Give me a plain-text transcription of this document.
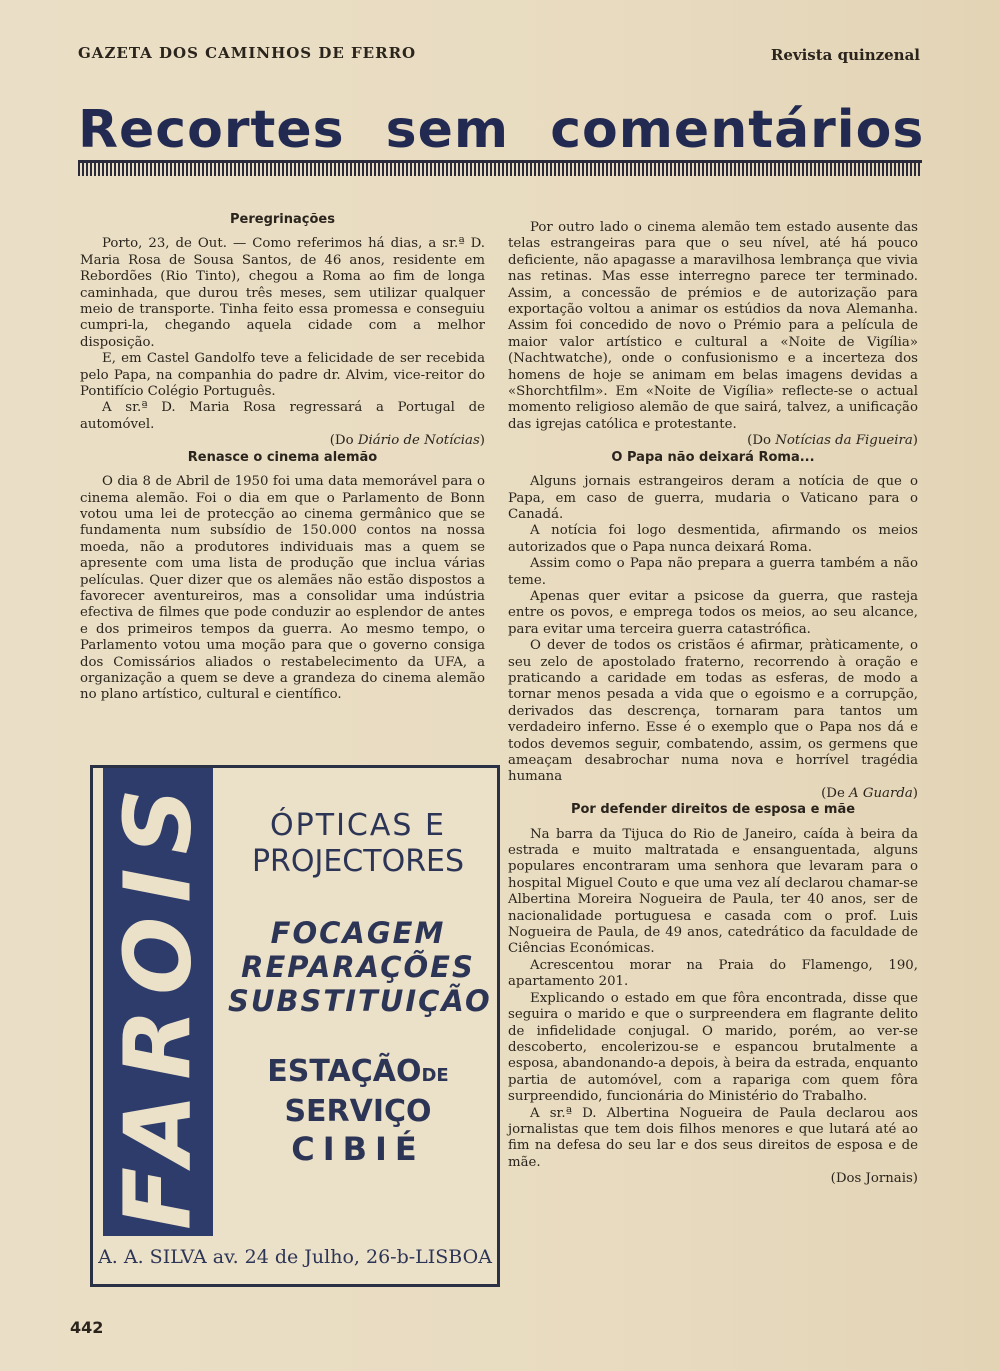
GAZETA DOS CAMINHOS DE FERRO	Revista quinzenal
Recortes sem comentários
Peregrinações

Porto, 23, de Out. — Como referimos há dias, a sr.ª D. Maria Rosa de Sousa Santos, de 46 anos, residente em Rebordões (Rio Tinto), chegou a Roma ao fim de longa caminhada, que durou três meses, sem utilizar qualquer meio de transporte. Tinha feito essa promessa e conseguiu cumpri-la, chegando aquela cidade com a melhor disposição.

E, em Castel Gandolfo teve a felicidade de ser recebida pelo Papa, na companhia do padre dr. Alvim, vice-reitor do Pontifício Colégio Português.

A sr.ª D. Maria Rosa regressará a Portugal de automóvel.

(Do Diário de Notícias)

Renasce o cinema alemão

O dia 8 de Abril de 1950 foi uma data memorável para o cinema alemão. Foi o dia em que o Parlamento de Bonn votou uma lei de protecção ao cinema germânico que se fundamenta num subsídio de 150.000 contos na nossa moeda, não a produtores individuais mas a quem se apresente com uma lista de produção que inclua várias películas. Quer dizer que os alemães não estão dispostos a favorecer aventureiros, mas a consolidar uma indústria efectiva de filmes que pode conduzir ao esplendor de antes e dos primeiros tempos da guerra. Ao mesmo tempo, o Parlamento votou uma moção para que o governo consiga dos Comissários aliados o restabelecimento da UFA, a organização a quem se deve a grandeza do cinema alemão no plano artístico, cultural e científico.

Por outro lado o cinema alemão tem estado ausente das telas estrangeiras para que o seu nível, até há pouco deficiente, não apagasse a maravilhosa lembrança que vivia nas retinas. Mas esse interregno parece ter terminado. Assim, a concessão de prémios e de autorização para exportação voltou a animar os estúdios da nova Alemanha. Assim foi concedido de novo o Prémio para a película de maior valor artístico e cultural a «Noite de Vigília» (Nachtwatche), onde o confusionismo e a incerteza dos homens de hoje se animam em belas imagens devidas a «Shorchtfilm». Em «Noite de Vigília» reflecte-se o actual momento religioso alemão de que sairá, talvez, a unificação das igrejas católica e protestante.

(Do Notícias da Figueira)

O Papa não deixará Roma...

Alguns jornais estrangeiros deram a notícia de que o Papa, em caso de guerra, mudaria o Vaticano para o Canadá.

A notícia foi logo desmentida, afirmando os meios autorizados que o Papa nunca deixará Roma.

Assim como o Papa não prepara a guerra também a não teme.

Apenas quer evitar a psicose da guerra, que rasteja entre os povos, e emprega todos os meios, ao seu alcance, para evitar uma terceira guerra catastrófica.

O dever de todos os cristãos é afirmar, pràticamente, o seu zelo de apostolado fraterno, recorrendo à oração e praticando a caridade em todas as esferas, de modo a tornar menos pesada a vida que o egoismo e a corrupção, derivados das descrença, tornaram para tantos um verdadeiro inferno. Esse é o exemplo que o Papa nos dá e todos devemos seguir, combatendo, assim, os germens que ameaçam desabrochar numa nova e horrível tragédia humana

(De A Guarda)

Por defender direitos de esposa e mãe

Na barra da Tijuca do Rio de Janeiro, caída à beira da estrada e muito maltratada e ensanguentada, alguns populares encontraram uma senhora que levaram para o hospital Miguel Couto e que uma vez alí declarou chamar-se Albertina Moreira Nogueira de Paula, ter 40 anos, ser de nacionalidade portuguesa e casada com o prof. Luis Nogueira de Paula, de 49 anos, catedrático da faculdade de Ciências Económicas.

Acrescentou morar na Praia do Flamengo, 190, apartamento 201.

Explicando o estado em que fôra encontrada, disse que seguira o marido e que o surpreendera em flagrante delito de infidelidade conjugal. O marido, porém, ao ver-se descoberto, encolerizou-se e espancou brutalmente a esposa, abandonando-a depois, à beira da estrada, enquanto partia de automóvel, com a rapariga com quem fôra surpreendido, funcionária do Ministério do Trabalho.

A sr.ª D. Albertina Nogueira de Paula declarou aos jornalistas que tem dois filhos menores e que lutará até ao fim na defesa do seu lar e dos seus direitos de esposa e de mãe.

(Dos Jornais)

FAROIS	ÓPTICAS E
PROJECTORES
FOCAGEM
REPARAÇÕES
SUBSTITUIÇÃO
ESTAÇÃODE
SERVIÇO
CIBIÉ
A. A. SILVA av. 24 de Julho, 26-b-LISBOA
442
